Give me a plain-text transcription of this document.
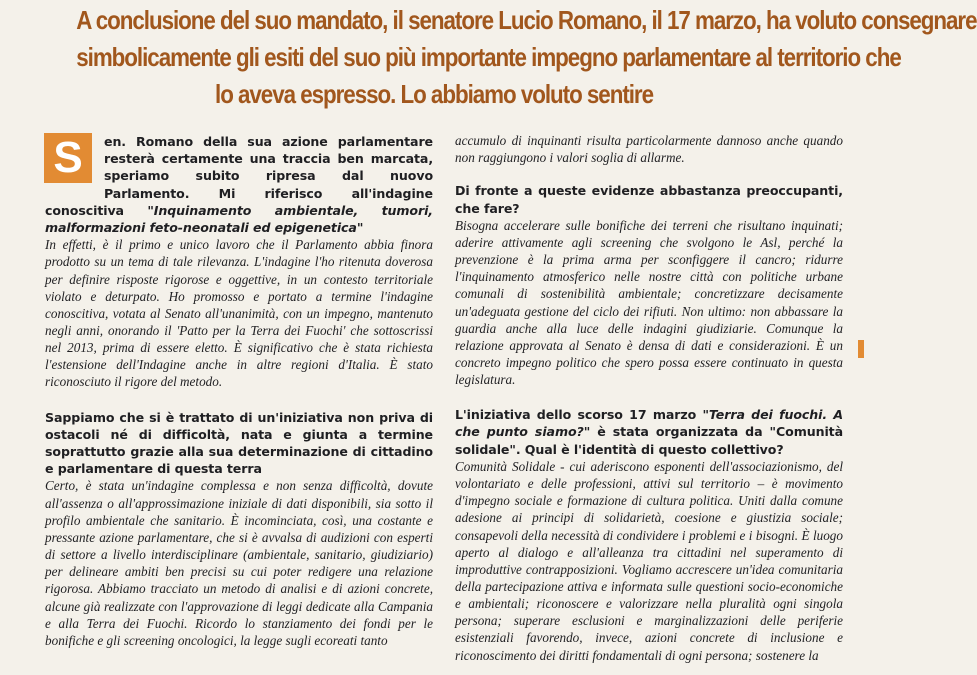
A conclusione del suo mandato, il senatore Lucio Romano, il 17 marzo, ha voluto consegnare
simbolicamente gli esiti del suo più importante impegno parlamentare al territorio che
lo aveva espresso. Lo abbiamo voluto sentire
S	en. Romano della sua azione parlamentare resterà certamente una traccia ben marcata, speriamo subito ripresa dal nuovo Parlamento. Mi riferisco all'indagine conoscitiva "Inquinamento ambientale, tumori, malformazioni feto-neonatali ed epigenetica"

In effetti, è il primo e unico lavoro che il Parlamento abbia finora prodotto su un tema di tale rilevanza. L'indagine l'ho ritenuta doverosa per definire risposte rigorose e oggettive, in un contesto territoriale violato e deturpato. Ho promosso e portato a termine l'indagine conoscitiva, votata al Senato all'unanimità, con un impegno, mantenuto negli anni, onorando il 'Patto per la Terra dei Fuochi' che sottoscrissi nel 2013, prima di essere eletto. È significativo che è stata richiesta l'estensione dell'Indagine anche in altre regioni d'Italia. È stato riconosciuto il rigore del metodo.

Sappiamo che si è trattato di un'iniziativa non priva di ostacoli né di difficoltà, nata e giunta a termine soprattutto grazie alla sua determinazione di cittadino e parlamentare di questa terra

Certo, è stata un'indagine complessa e non senza difficoltà, dovute all'assenza o all'approssimazione iniziale di dati disponibili, sia sotto il profilo ambientale che sanitario. È incominciata, così, una costante e pressante azione parlamentare, che si è avvalsa di audizioni con esperti di settore a livello interdisciplinare (ambientale, sanitario, giudiziario) per delineare ambiti ben precisi su cui poter redigere una relazione rigorosa. Abbiamo tracciato un metodo di analisi e di azioni concrete, alcune già realizzate con l'approvazione di leggi dedicate alla Campania e alla Terra dei Fuochi. Ricordo lo stanziamento dei fondi per le bonifiche e gli screening oncologici, la legge sugli ecoreati tanto

accumulo di inquinanti risulta particolarmente dannoso anche quando non raggiungono i valori soglia di allarme.

Di fronte a queste evidenze abbastanza preoccupanti, che fare?

Bisogna accelerare sulle bonifiche dei terreni che risultano inquinati; aderire attivamente agli screening che svolgono le Asl, perché la prevenzione è la prima arma per sconfiggere il cancro; ridurre l'inquinamento atmosferico nelle nostre città con politiche urbane comunali di sostenibilità ambientale; concretizzare decisamente un'adeguata gestione del ciclo dei rifiuti. Non ultimo: non abbassare la guardia anche alla luce delle indagini giudiziarie. Comunque la relazione approvata al Senato è densa di dati e considerazioni. È un concreto impegno politico che spero possa essere continuato in questa legislatura.

L'iniziativa dello scorso 17 marzo "Terra dei fuochi. A che punto siamo?" è stata organizzata da "Comunità solidale". Qual è l'identità di questo collettivo?

Comunità Solidale - cui aderiscono esponenti dell'associazionismo, del volontariato e delle professioni, attivi sul territorio – è movimento d'impegno sociale e formazione di cultura politica. Uniti dalla comune adesione ai principi di solidarietà, coesione e giustizia sociale; consapevoli della necessità di condividere i problemi e i bisogni. È luogo aperto al dialogo e all'alleanza tra cittadini nel superamento di improduttive contrapposizioni. Vogliamo accrescere un'idea comunitaria della partecipazione attiva e informata sulle questioni socio-economiche e ambientali; riconoscere e valorizzare nella pluralità ogni singola persona; superare esclusioni e marginalizzazioni delle periferie esistenziali favorendo, invece, azioni concrete di inclusione e riconoscimento dei diritti fondamentali di ogni persona; sostenere la
